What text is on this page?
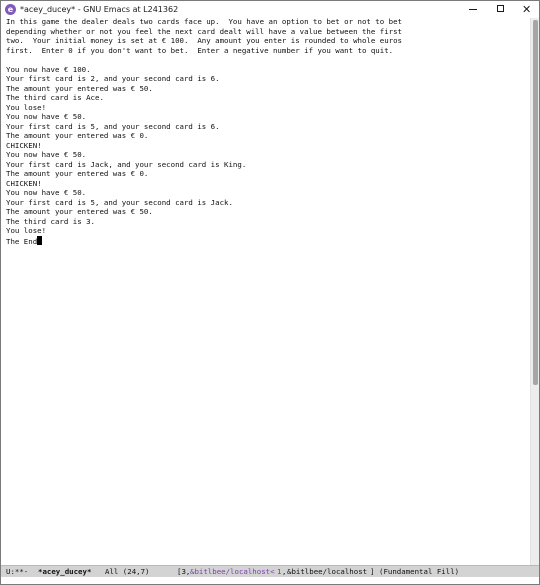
e *acey_ducey* - GNU Emacs at L241362	✕
In this game the dealer deals two cards face up.  You have an option to bet or not to bet
depending whether or not you feel the next card dealt will have a value between the first
two.  Your initial money is set at € 100.  Any amount you enter is rounded to whole euros
first.  Enter 0 if you don't want to bet.  Enter a negative number if you want to quit.
You now have € 100.
Your first card is 2, and your second card is 6.
The amount your entered was € 50.
The third card is Ace.
You lose!
You now have € 50.
Your first card is 5, and your second card is 6.
The amount your entered was € 0.
CHICKEN!
You now have € 50.
Your first card is Jack, and your second card is King.
The amount your entered was € 0.
CHICKEN!
You now have € 50.
Your first card is 5, and your second card is Jack.
The amount your entered was € 50.
The third card is 3.
You lose!
The End

U:**-

*acey_ducey*

All (24,7)

	[3,

&bitlbee/localhost<

1

,

&bitlbee/localhost

]

(Fundamental Fill)
